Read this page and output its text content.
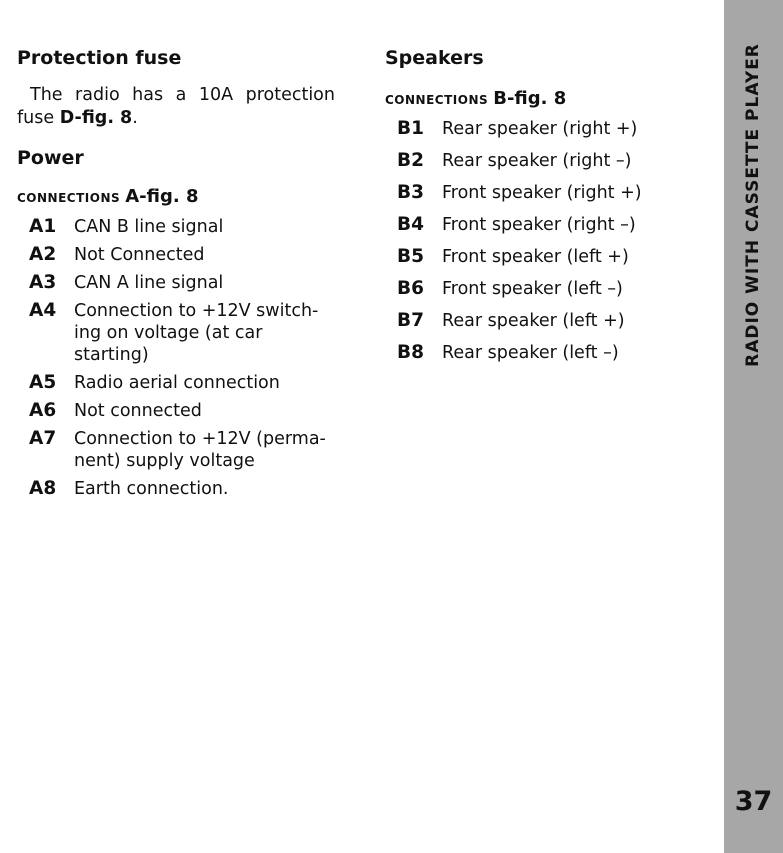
Protection fuse

The radio has a 10A protection fuse D-fig. 8.

Power
connections A-fig. 8
A1	CAN B line signal
A2	Not Connected
A3	CAN A line signal
A4	Connection to +12V switch-ing on voltage (at car starting)
A5	Radio aerial connection
A6	Not connected
A7	Connection to +12V (perma-nent) supply voltage
A8	Earth connection.
Speakers
connections B-fig. 8
B1	Rear speaker (right +)
B2	Rear speaker (right –)
B3	Front speaker (right +)
B4	Front speaker (right –)
B5	Front speaker (left +)
B6	Front speaker (left –)
B7	Rear speaker (left +)
B8	Rear speaker (left –)	RADIO WITH CASSETTE PLAYER
37
